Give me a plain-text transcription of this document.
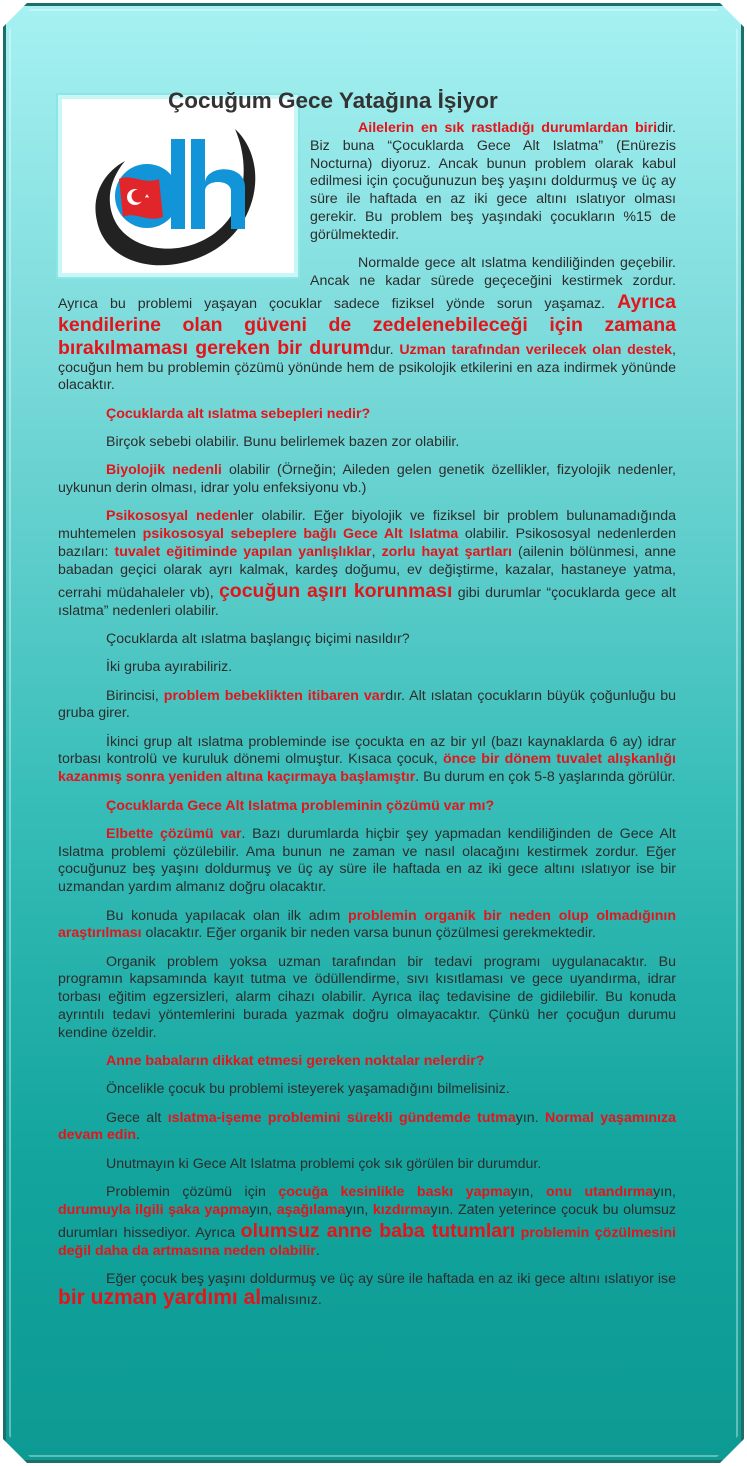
Çocuğum Gece Yatağına İşiyor

Ailelerin en sık rastladığı durumlardan biridir. Biz buna “Çocuklarda Gece Alt Islatma” (Enürezis Nocturna) diyoruz. Ancak bunun problem olarak kabul edilmesi için çocuğunuzun beş yaşını doldurmuş ve üç ay süre ile haftada en az iki gece altını ıslatıyor olması gerekir. Bu problem beş yaşındaki çocukların %15 de görülmektedir.

Normalde gece alt ıslatma kendiliğinden geçebilir. Ancak ne kadar sürede geçeceğini kestirmek zordur. Ayrıca bu problemi yaşayan çocuklar sadece fiziksel yönde sorun yaşamaz. Ayrıca kendilerine olan güveni de zedelenebileceği için zamana bırakılmaması gereken bir durumdur. Uzman tarafından verilecek olan destek, çocuğun hem bu problemin çözümü yönünde hem de psikolojik etkilerini en aza indirmek yönünde olacaktır.

Çocuklarda alt ıslatma sebepleri nedir?

Birçok sebebi olabilir. Bunu belirlemek bazen zor olabilir.

Biyolojik nedenli olabilir (Örneğin; Aileden gelen genetik özellikler, fizyolojik nedenler, uykunun derin olması, idrar yolu enfeksiyonu vb.)

Psikososyal nedenler olabilir. Eğer biyolojik ve fiziksel bir problem bulunamadığında muhtemelen psikososyal sebeplere bağlı Gece Alt Islatma olabilir. Psikososyal nedenlerden bazıları: tuvalet eğitiminde yapılan yanlışlıklar, zorlu hayat şartları (ailenin bölünmesi, anne babadan geçici olarak ayrı kalmak, kardeş doğumu, ev değiştirme, kazalar, hastaneye yatma, cerrahi müdahaleler vb), çocuğun aşırı korunması gibi durumlar “çocuklarda gece alt ıslatma” nedenleri olabilir.

Çocuklarda alt ıslatma başlangıç biçimi nasıldır?

İki gruba ayırabiliriz.

Birincisi, problem bebeklikten itibaren vardır. Alt ıslatan çocukların büyük çoğunluğu bu gruba girer.

İkinci grup alt ıslatma probleminde ise çocukta en az bir yıl (bazı kaynaklarda 6 ay) idrar torbası kontrolü ve kuruluk dönemi olmuştur. Kısaca çocuk, önce bir dönem tuvalet alışkanlığı kazanmış sonra yeniden altına kaçırmaya başlamıştır. Bu durum en çok 5-8 yaşlarında görülür.

Çocuklarda Gece Alt Islatma probleminin çözümü var mı?

Elbette çözümü var. Bazı durumlarda hiçbir şey yapmadan kendiliğinden de Gece Alt Islatma problemi çözülebilir. Ama bunun ne zaman ve nasıl olacağını kestirmek zordur. Eğer çocuğunuz beş yaşını doldurmuş ve üç ay süre ile haftada en az iki gece altını ıslatıyor ise bir uzmandan yardım almanız doğru olacaktır.

Bu konuda yapılacak olan ilk adım problemin organik bir neden olup olmadığının araştırılması olacaktır. Eğer organik bir neden varsa bunun çözülmesi gerekmektedir.

Organik problem yoksa uzman tarafından bir tedavi programı uygulanacaktır. Bu programın kapsamında kayıt tutma ve ödüllendirme, sıvı kısıtlaması ve gece uyandırma, idrar torbası eğitim egzersizleri, alarm cihazı olabilir. Ayrıca ilaç tedavisine de gidilebilir. Bu konuda ayrıntılı tedavi yöntemlerini burada yazmak doğru olmayacaktır. Çünkü her çocuğun durumu kendine özeldir.

Anne babaların dikkat etmesi gereken noktalar nelerdir?

Öncelikle çocuk bu problemi isteyerek yaşamadığını bilmelisiniz.

Gece alt ıslatma-işeme problemini sürekli gündemde tutmayın. Normal yaşamınıza devam edin.

Unutmayın ki Gece Alt Islatma problemi çok sık görülen bir durumdur.

Problemin çözümü için çocuğa kesinlikle baskı yapmayın, onu utandırmayın, durumuyla ilgili şaka yapmayın, aşağılamayın, kızdırmayın. Zaten yeterince çocuk bu olumsuz durumları hissediyor. Ayrıca olumsuz anne baba tutumları problemin çözülmesini değil daha da artmasına neden olabilir.

Eğer çocuk beş yaşını doldurmuş ve üç ay süre ile haftada en az iki gece altını ıslatıyor ise bir uzman yardımı almalısınız.
